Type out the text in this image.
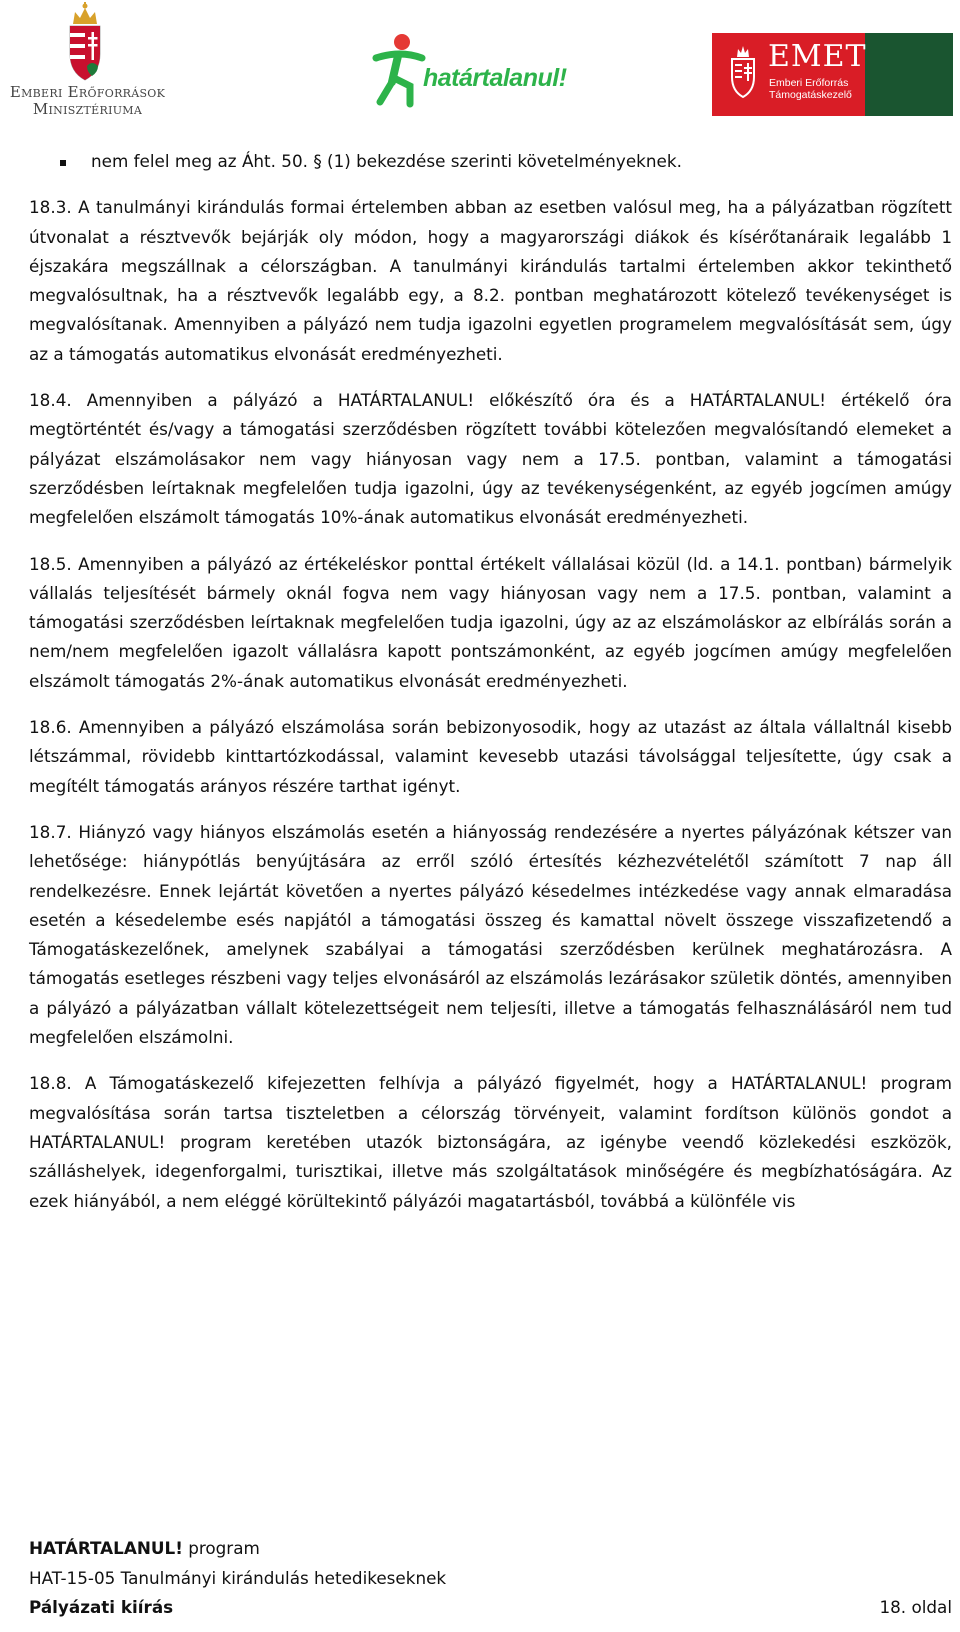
Emberi Erőforrások
Minisztériuma
határtalanul!
EMET
Emberi Erőforrás
Támogatáskezelő
nem felel meg az Áht. 50. § (1) bekezdése szerinti követelményeknek.
18.3. A tanulmányi kirándulás formai értelemben abban az esetben valósul meg, ha a pályázatban rögzített útvonalat a résztvevők bejárják oly módon, hogy a magyarországi diákok és kísérőtanáraik legalább 1 éjszakára megszállnak a célországban. A tanulmányi kirándulás tartalmi értelemben akkor tekinthető megvalósultnak, ha a résztvevők legalább egy, a 8.2. pontban meghatározott kötelező tevékenységet is megvalósítanak. Amennyiben a pályázó nem tudja igazolni egyetlen programelem megvalósítását sem, úgy az a támogatás automatikus elvonását eredményezheti.
18.4. Amennyiben a pályázó a HATÁRTALANUL! előkészítő óra és a HATÁRTALANUL! értékelő óra megtörténtét és/vagy a támogatási szerződésben rögzített további kötelezően megvalósítandó elemeket a pályázat elszámolásakor nem vagy hiányosan vagy nem a 17.5. pontban, valamint a támogatási szerződésben leírtaknak megfelelően tudja igazolni, úgy az tevékenységenként, az egyéb jogcímen amúgy megfelelően elszámolt támogatás 10%-ának automatikus elvonását eredményezheti.
18.5. Amennyiben a pályázó az értékeléskor ponttal értékelt vállalásai közül (ld. a 14.1. pontban) bármelyik vállalás teljesítését bármely oknál fogva nem vagy hiányosan vagy nem a 17.5. pontban, valamint a támogatási szerződésben leírtaknak megfelelően tudja igazolni, úgy az az elszámoláskor az elbírálás során a nem/nem megfelelően igazolt vállalásra kapott pontszámonként, az egyéb jogcímen amúgy megfelelően elszámolt támogatás 2%-ának automatikus elvonását eredményezheti.
18.6. Amennyiben a pályázó elszámolása során bebizonyosodik, hogy az utazást az általa vállaltnál kisebb létszámmal, rövidebb kinttartózkodással, valamint kevesebb utazási távolsággal teljesítette, úgy csak a megítélt támogatás arányos részére tarthat igényt.
18.7. Hiányzó vagy hiányos elszámolás esetén a hiányosság rendezésére a nyertes pályázónak kétszer van lehetősége: hiánypótlás benyújtására az erről szóló értesítés kézhezvételétől számított 7 nap áll rendelkezésre. Ennek lejártát követően a nyertes pályázó késedelmes intézkedése vagy annak elmaradása esetén a késedelembe esés napjától a támogatási összeg és kamattal növelt összege visszafizetendő a Támogatáskezelőnek, amelynek szabályai a támogatási szerződésben kerülnek meghatározásra. A támogatás esetleges részbeni vagy teljes elvonásáról az elszámolás lezárásakor születik döntés, amennyiben a pályázó a pályázatban vállalt kötelezettségeit nem teljesíti, illetve a támogatás felhasználásáról nem tud megfelelően elszámolni.
18.8. A Támogatáskezelő kifejezetten felhívja a pályázó figyelmét, hogy a HATÁRTALANUL! program megvalósítása során tartsa tiszteletben a célország törvényeit, valamint fordítson különös gondot a HATÁRTALANUL! program keretében utazók biztonságára, az igénybe veendő közlekedési eszközök, szálláshelyek, idegenforgalmi, turisztikai, illetve más szolgáltatások minőségére és megbízhatóságára. Az ezek hiányából, a nem eléggé körültekintő pályázói magatartásból, továbbá a különféle vis
HATÁRTALANUL! program
HAT-15-05 Tanulmányi kirándulás hetedikeseknek
Pályázati kiírás	18. oldal
